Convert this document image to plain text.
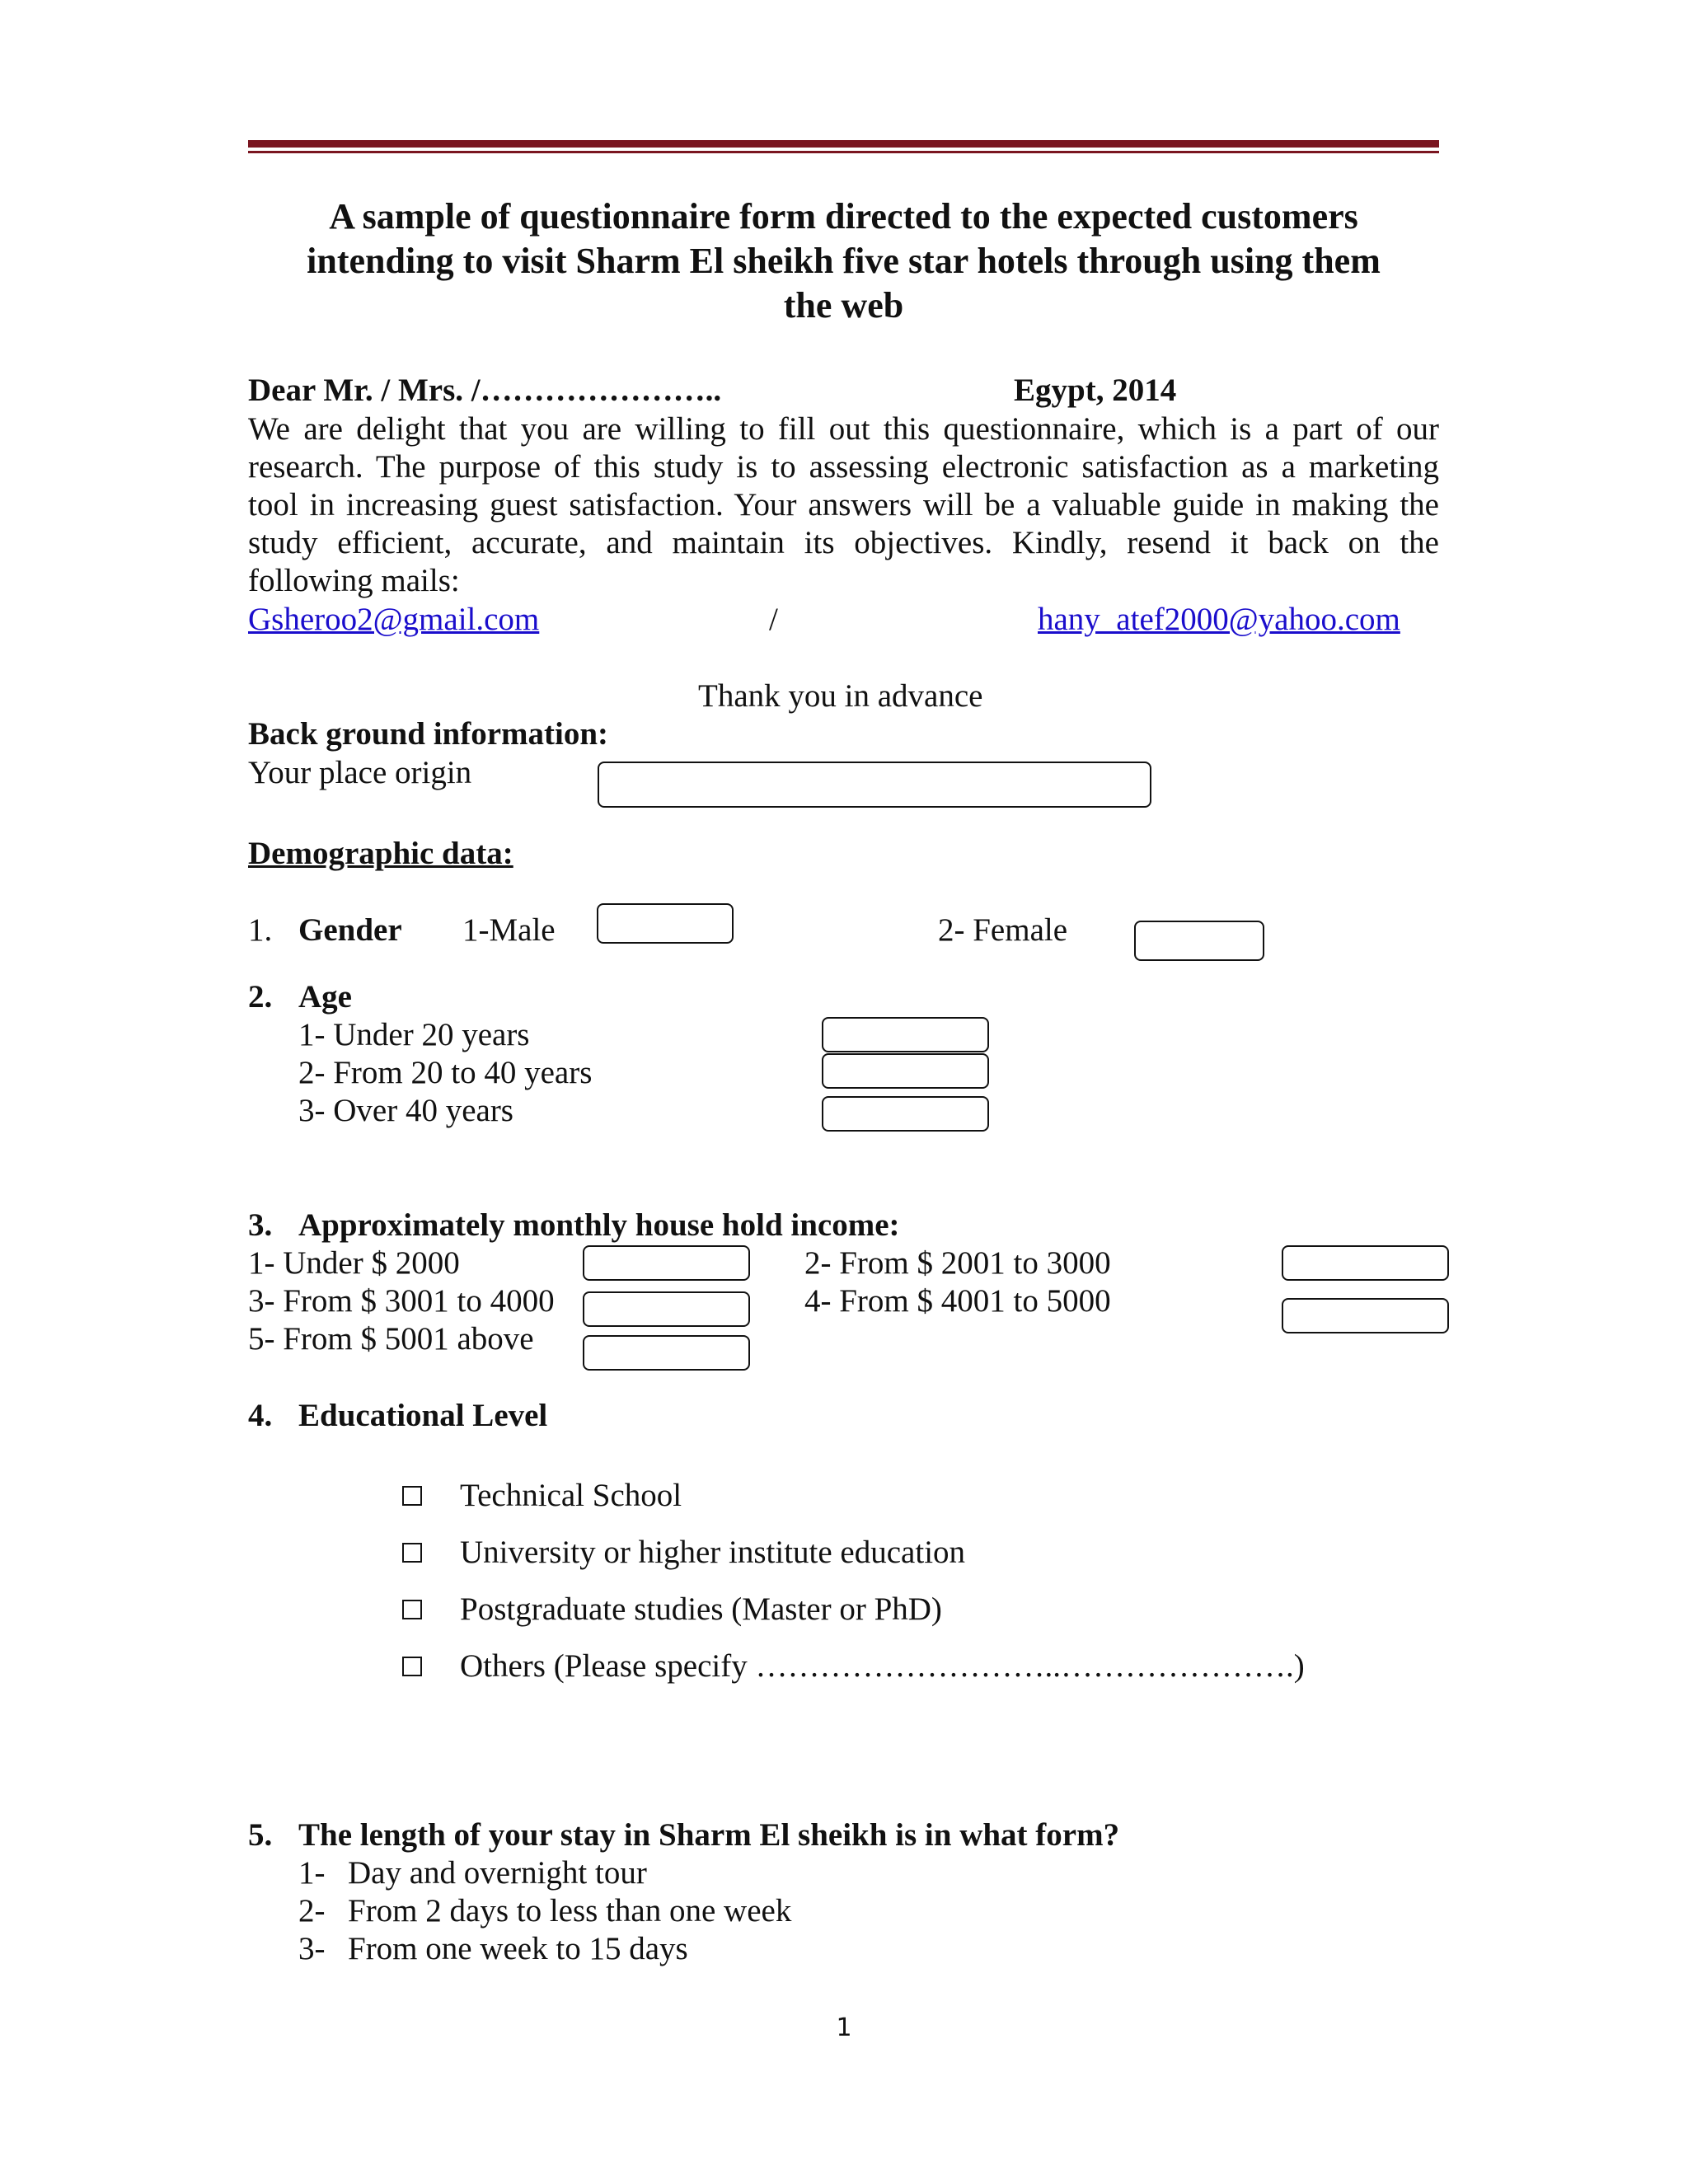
A sample of questionnaire form directed to the expected customers
intending to visit Sharm El sheikh five star hotels through using them
the web
Dear Mr. / Mrs. /…………………..	Egypt, 2014
We are delight that you are willing to fill out this questionnaire, which is a part of our
research. The purpose of this study is to assessing electronic satisfaction as a marketing
tool in increasing guest satisfaction. Your answers will be a valuable guide in making the
study efficient, accurate, and maintain its objectives. Kindly, resend it back on the
following mails:
Gsheroo2@gmail.com	/	hany_atef2000@yahoo.com
Thank you in advance
Back ground information:
Your place origin
Demographic data:
1. Gender 1-Male	2- Female
2. Age
1- Under 20 years
2- From 20 to 40 years
3- Over 40 years
3. Approximately monthly house hold income:
1- Under $ 2000	2- From $ 2001 to 3000
3- From $ 3001 to 4000	4- From $ 4001 to 5000
5- From $ 5001 above
4. Educational Level
Technical School
University or higher institute education
Postgraduate studies (Master or PhD)
Others (Please specify ………………………..………………….)
5. The length of your stay in Sharm El sheikh is in what form?
1- Day and overnight tour
2- From 2 days to less than one week
3- From one week to 15 days
1
